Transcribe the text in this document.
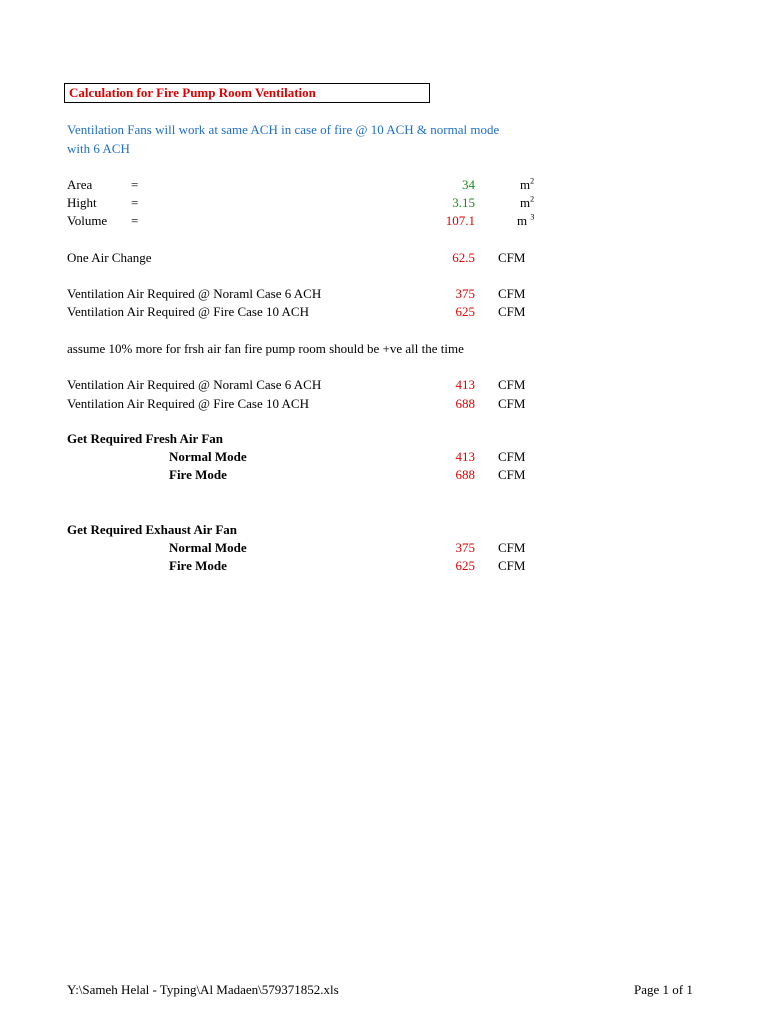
Calculation for Fire Pump Room Ventilation
Ventilation Fans will work at same ACH in case of fire @ 10 ACH & normal mode
with 6 ACH
Area	=	34	$m^2$
Hight	=	3.15	$m^2$
Volume =	107.1	m $^3$
One Air Change	62.5 CFM
Ventilation Air Required @ Noraml Case 6 ACH	375 CFM
Ventilation Air Required @ Fire Case 10 ACH	625 CFM
assume 10% more for frsh air fan fire pump room should be +ve all the time
Ventilation Air Required @ Noraml Case 6 ACH	413 CFM
Ventilation Air Required @ Fire Case 10 ACH	688 CFM
Get Required Fresh Air Fan
Normal Mode	413 CFM
Fire Mode	688 CFM
Get Required Exhaust Air Fan
Normal Mode	375 CFM
Fire Mode	625 CFM
Y:\Sameh Helal - Typing\Al Madaen\579371852.xls	Page 1 of 1
